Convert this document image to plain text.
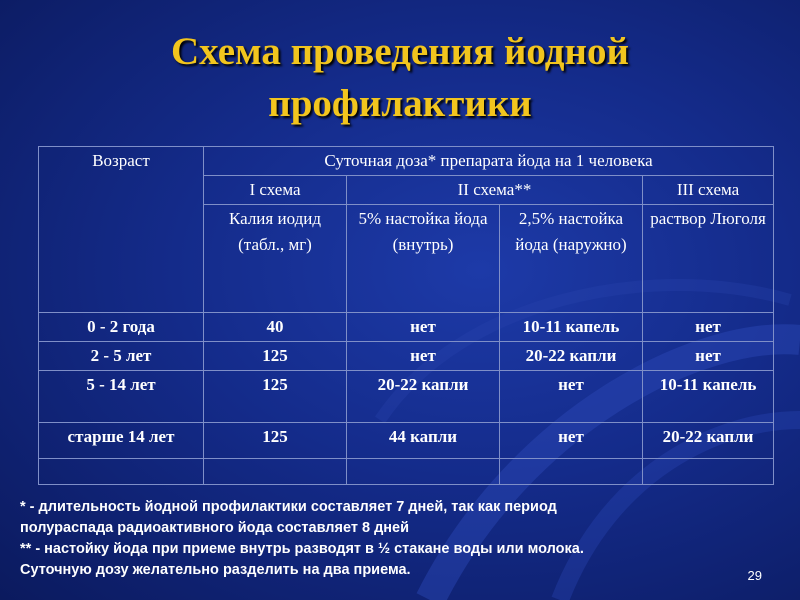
Схема проведения йодной
профилактики
Возраст	Суточная доза* препарата йода на 1 человека			
	I схема	II схема**		III схема
	Калия иодид (табл., мг)	5% настойка йода (внутрь)	2,5% настойка йода (наружно)	раствор Люголя
0 - 2 года	40	нет	10-11 капель	нет
2 - 5 лет	125	нет	20-22 капли	нет
5 - 14 лет	125	20-22 капли	нет	10-11 капель
старше 14 лет	125	44 капли	нет	20-22 капли

* - длительность йодной профилактики составляет 7 дней, так как период

полураспада радиоактивного йода составляет 8 дней

** - настойку йода при приеме внутрь разводят в ½ стакане воды или молока.

Суточную дозу желательно разделить на два приема.	29
